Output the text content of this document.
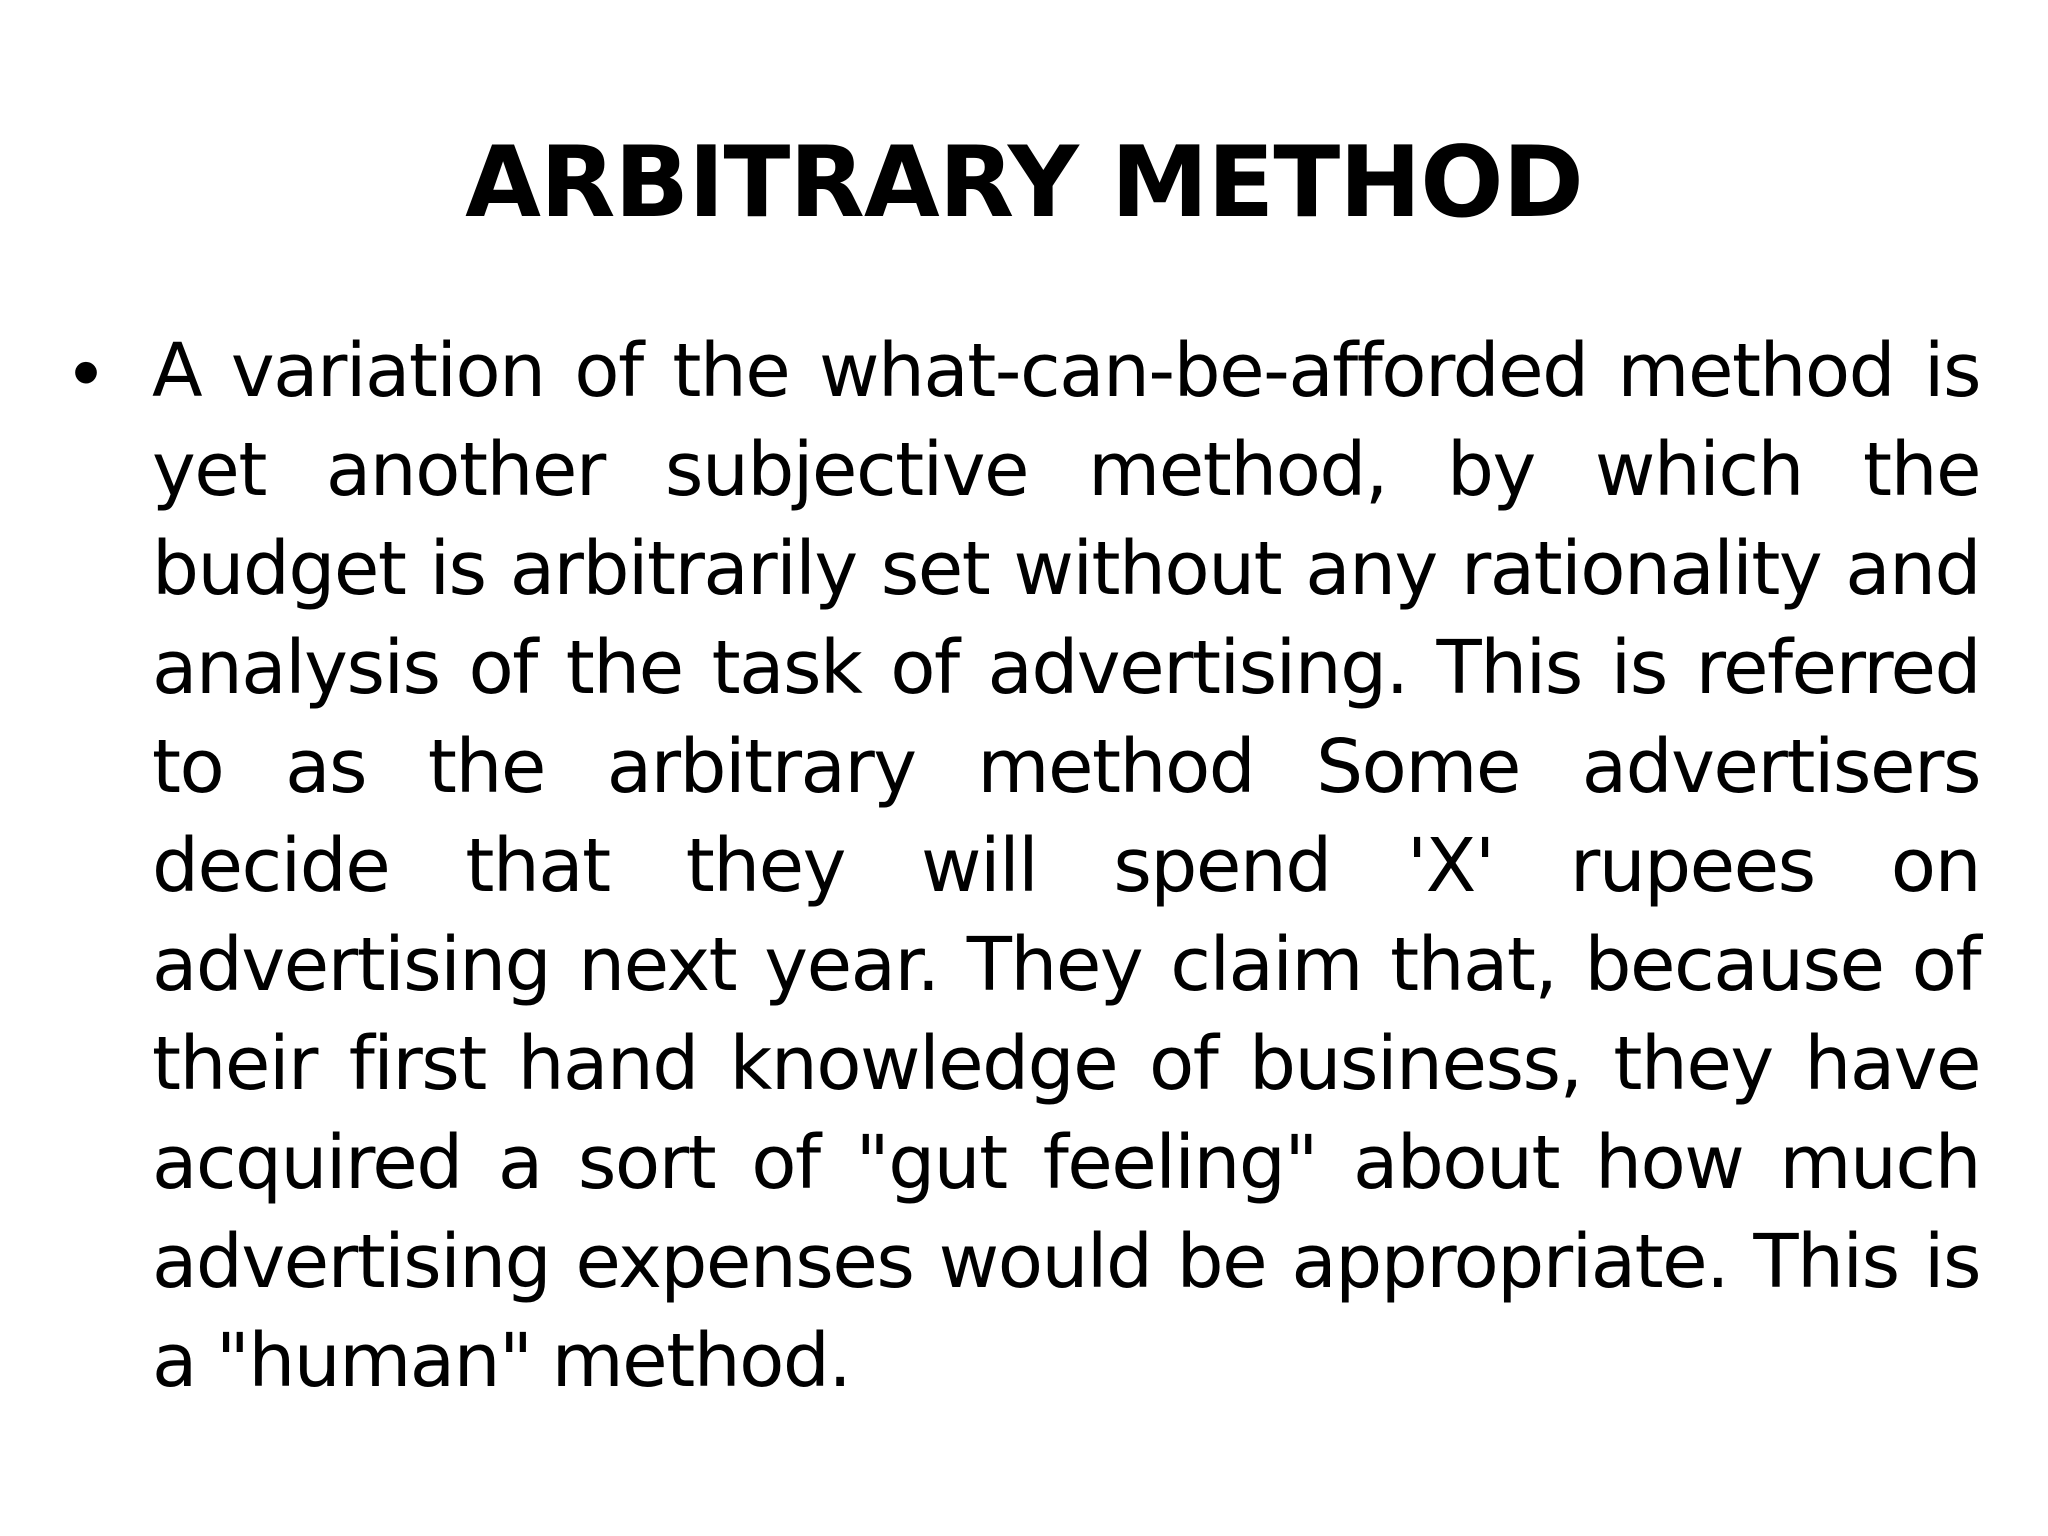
ARBITRARY METHOD
• A variation of the what-can-be-afforded method is yet another subjective method, by which the budget is arbitrarily set without any rationality and analysis of the task of advertising. This is referred to as the arbitrary method Some advertisers decide that they will spend 'X' rupees on advertising next year. They claim that, because of their first hand knowledge of business, they have acquired a sort of "gut feeling" about how much advertising expenses would be appropriate. This is a "human" method.
